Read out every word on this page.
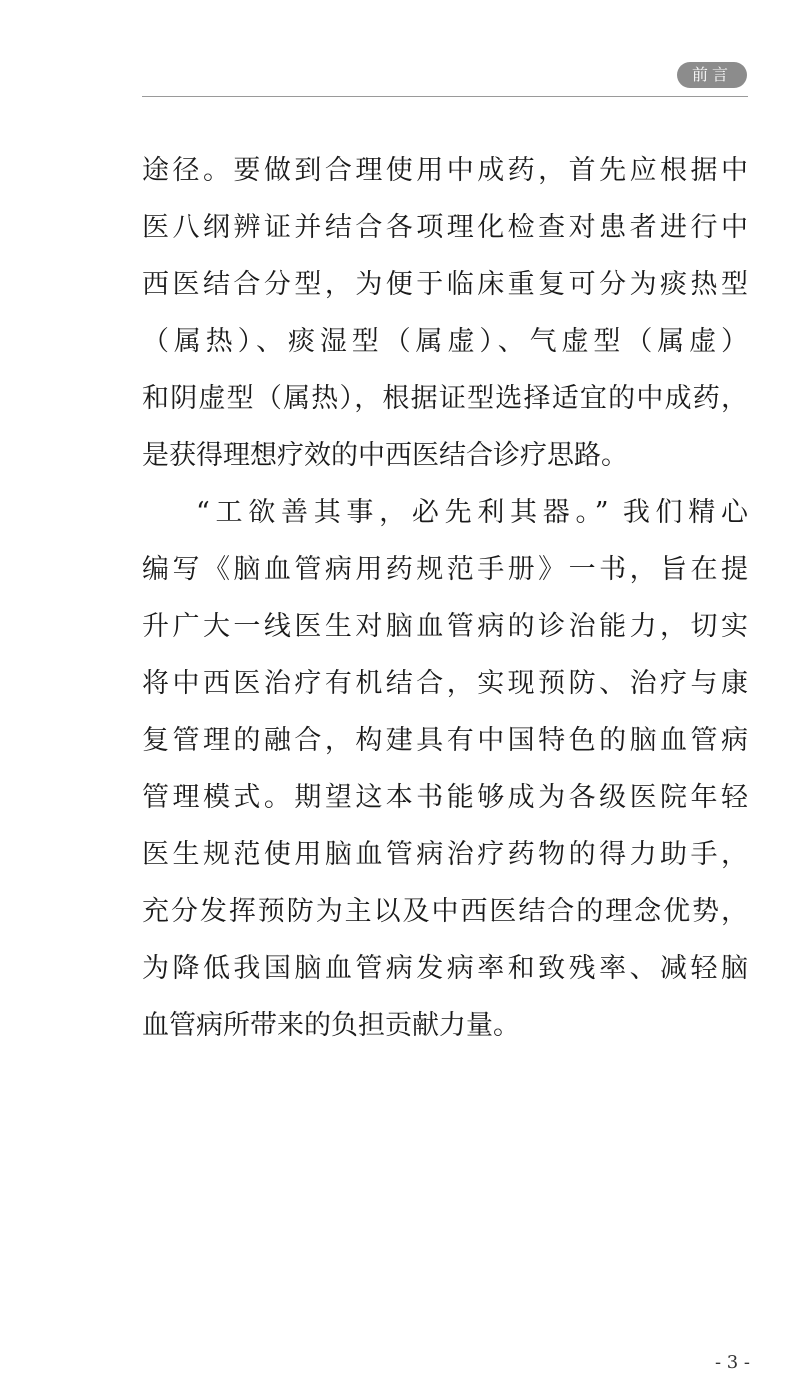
前言
途径。要做到合理使用中成药，首先应根据中
医八纲辨证并结合各项理化检查对患者进行中
西医结合分型，为便于临床重复可分为痰热型
（属热）、痰湿型（属虚）、气虚型（属虚）
和阴虚型（属热），根据证型选择适宜的中成药，
是获得理想疗效的中西医结合诊疗思路。
“工欲善其事，必先利其器。” 我们精心
编写《脑血管病用药规范手册》一书，旨在提
升广大一线医生对脑血管病的诊治能力，切实
将中西医治疗有机结合，实现预防、治疗与康
复管理的融合，构建具有中国特色的脑血管病
管理模式。期望这本书能够成为各级医院年轻
医生规范使用脑血管病治疗药物的得力助手，
充分发挥预防为主以及中西医结合的理念优势，
为降低我国脑血管病发病率和致残率、减轻脑
血管病所带来的负担贡献力量。
- 3 -
